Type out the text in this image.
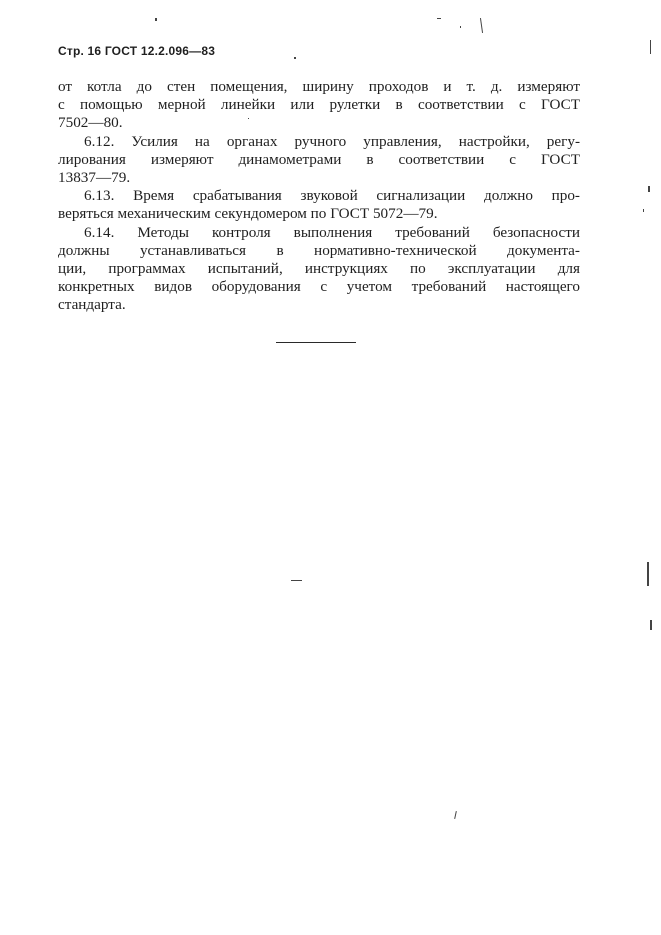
Стр. 16 ГОСТ 12.2.096—83
от котла до стен помещения, ширину проходов и т. д. измеряют
с помощью мерной линейки или рулетки в соответствии с ГОСТ
7502—80.
6.12. Усилия на органах ручного управления, настройки, регу-
лирования измеряют динамометрами в соответствии с ГОСТ
13837—79.
6.13. Время срабатывания звуковой сигнализации должно про-
веряться механическим секундомером по ГОСТ 5072—79.
6.14. Методы контроля выполнения требований безопасности
должны устанавливаться в нормативно-технической документа-
ции, программах испытаний, инструкциях по эксплуатации для
конкретных видов оборудования с учетом требований настоящего
стандарта.
